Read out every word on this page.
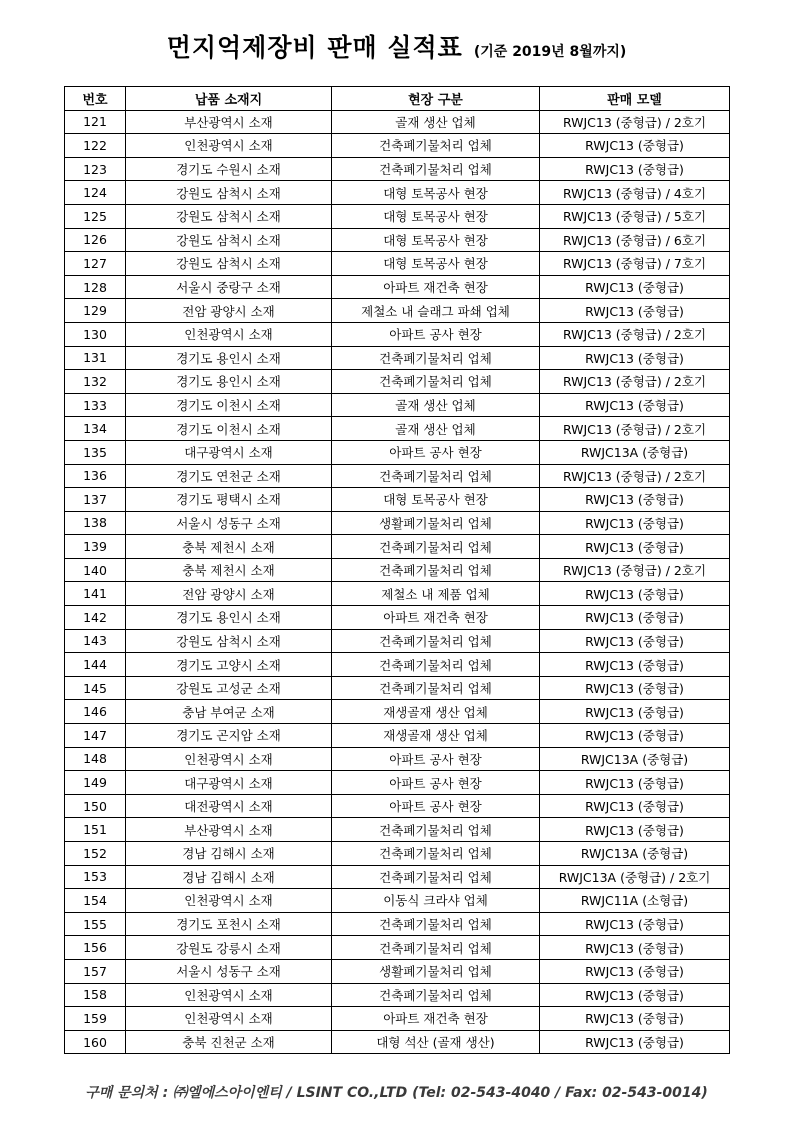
먼지억제장비 판매 실적표 (기준 2019년 8월까지)
번호	납품 소재지	현장 구분	판매 모델
121	부산광역시 소재	골재 생산 업체	RWJC13 (중형급) / 2호기
122	인천광역시 소재	건축폐기물처리 업체	RWJC13 (중형급)
123	경기도 수원시 소재	건축폐기물처리 업체	RWJC13 (중형급)
124	강원도 삼척시 소재	대형 토목공사 현장	RWJC13 (중형급) / 4호기
125	강원도 삼척시 소재	대형 토목공사 현장	RWJC13 (중형급) / 5호기
126	강원도 삼척시 소재	대형 토목공사 현장	RWJC13 (중형급) / 6호기
127	강원도 삼척시 소재	대형 토목공사 현장	RWJC13 (중형급) / 7호기
128	서울시 중랑구 소재	아파트 재건축 현장	RWJC13 (중형급)
129	전암 광양시 소재	제철소 내 슬래그 파쇄 업체	RWJC13 (중형급)
130	인천광역시 소재	아파트 공사 현장	RWJC13 (중형급) / 2호기
131	경기도 용인시 소재	건축폐기물처리 업체	RWJC13 (중형급)
132	경기도 용인시 소재	건축폐기물처리 업체	RWJC13 (중형급) / 2호기
133	경기도 이천시 소재	골재 생산 업체	RWJC13 (중형급)
134	경기도 이천시 소재	골재 생산 업체	RWJC13 (중형급) / 2호기
135	대구광역시 소재	아파트 공사 현장	RWJC13A (중형급)
136	경기도 연천군 소재	건축폐기물처리 업체	RWJC13 (중형급) / 2호기
137	경기도 평택시 소재	대형 토목공사 현장	RWJC13 (중형급)
138	서울시 성동구 소재	생활폐기물처리 업체	RWJC13 (중형급)
139	충북 제천시 소재	건축폐기물처리 업체	RWJC13 (중형급)
140	충북 제천시 소재	건축폐기물처리 업체	RWJC13 (중형급) / 2호기
141	전암 광양시 소재	제철소 내 제품 업체	RWJC13 (중형급)
142	경기도 용인시 소재	아파트 재건축 현장	RWJC13 (중형급)
143	강원도 삼척시 소재	건축폐기물처리 업체	RWJC13 (중형급)
144	경기도 고양시 소재	건축폐기물처리 업체	RWJC13 (중형급)
145	강원도 고성군 소재	건축폐기물처리 업체	RWJC13 (중형급)
146	충남 부여군 소재	재생골재 생산 업체	RWJC13 (중형급)
147	경기도 곤지암 소재	재생골재 생산 업체	RWJC13 (중형급)
148	인천광역시 소재	아파트 공사 현장	RWJC13A (중형급)
149	대구광역시 소재	아파트 공사 현장	RWJC13 (중형급)
150	대전광역시 소재	아파트 공사 현장	RWJC13 (중형급)
151	부산광역시 소재	건축폐기물처리 업체	RWJC13 (중형급)
152	경남 김해시 소재	건축폐기물처리 업체	RWJC13A (중형급)
153	경남 김해시 소재	건축폐기물처리 업체	RWJC13A (중형급) / 2호기
154	인천광역시 소재	이동식 크라샤 업체	RWJC11A (소형급)
155	경기도 포천시 소재	건축폐기물처리 업체	RWJC13 (중형급)
156	강원도 강릉시 소재	건축폐기물처리 업체	RWJC13 (중형급)
157	서울시 성동구 소재	생활폐기물처리 업체	RWJC13 (중형급)
158	인천광역시 소재	건축폐기물처리 업체	RWJC13 (중형급)
159	인천광역시 소재	아파트 재건축 현장	RWJC13 (중형급)
160	충북 진천군 소재	대형 석산 (골재 생산)	RWJC13 (중형급)
구매 문의처 : ㈜엘에스아이엔티 / LSINT CO.,LTD (Tel: 02-543-4040 / Fax: 02-543-0014)
